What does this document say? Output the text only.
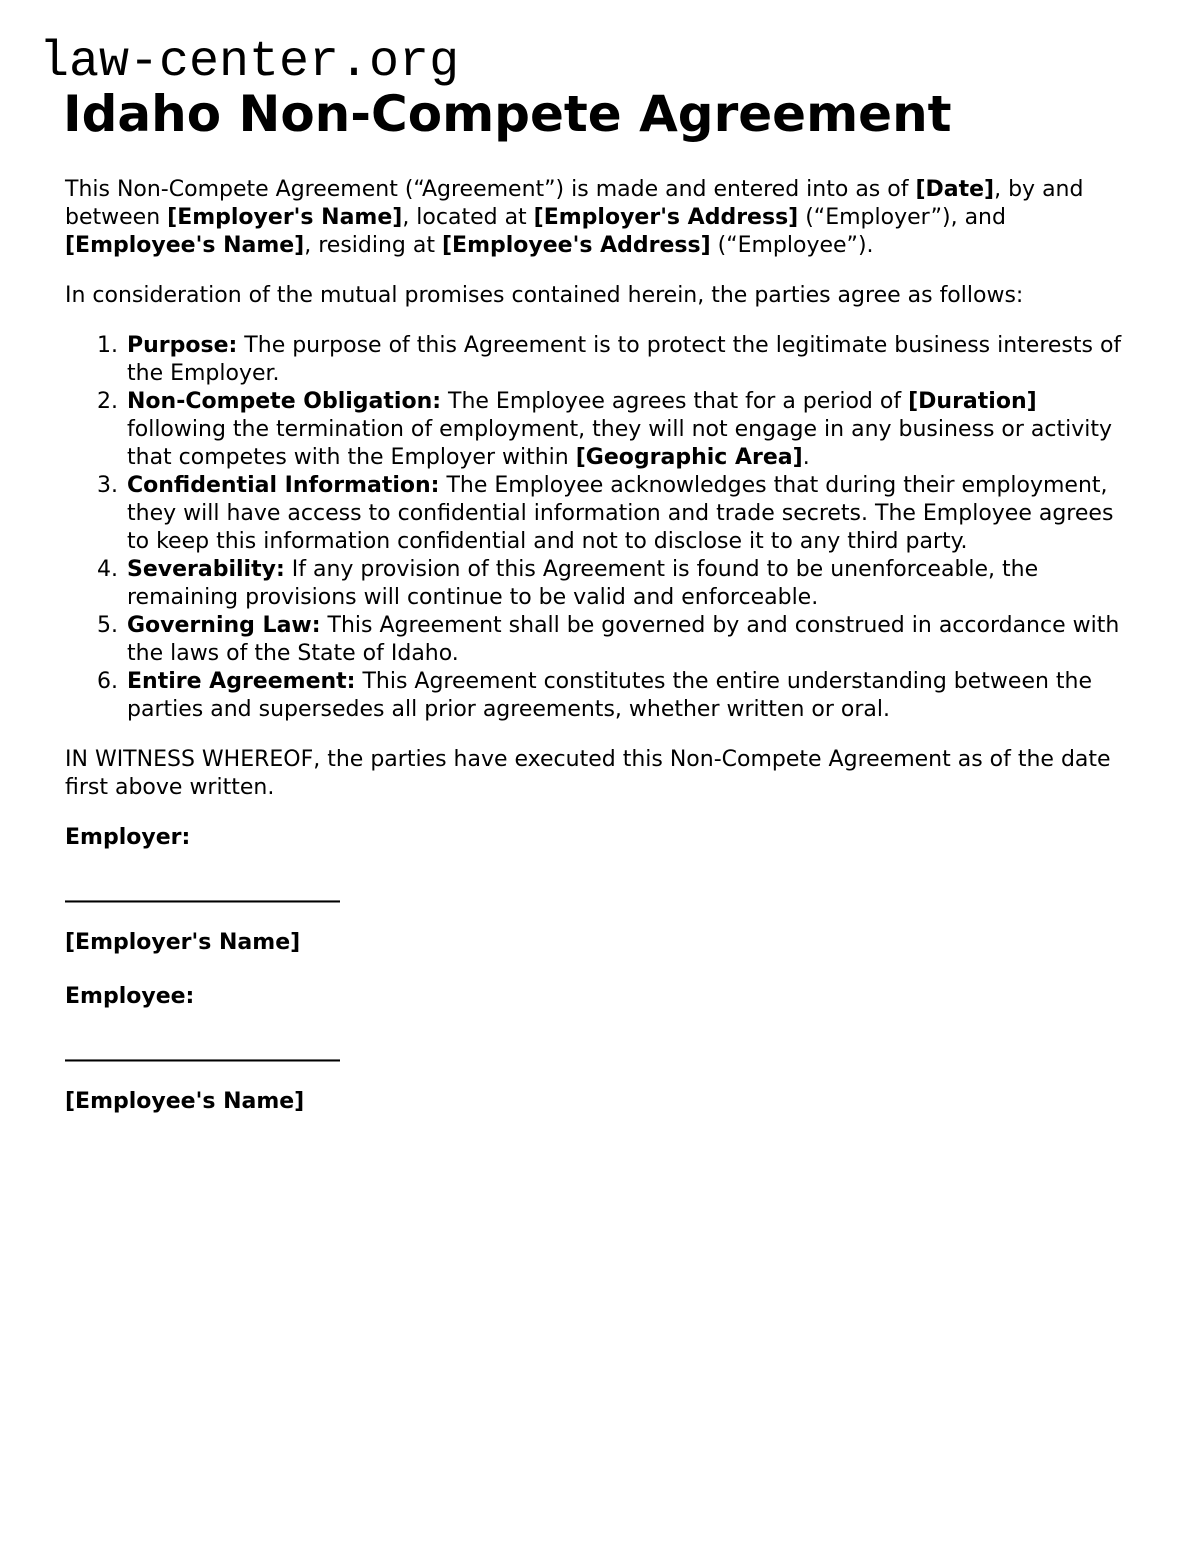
law-center.org
Idaho Non-Compete Agreement

This Non-Compete Agreement (“Agreement”) is made and entered into as of [Date], by and between [Employer's Name], located at [Employer's Address] (“Employer”), and [Employee's Name], residing at [Employee's Address] (“Employee”).

In consideration of the mutual promises contained herein, the parties agree as follows:

1. Purpose: The purpose of this Agreement is to protect the legitimate business interests of the Employer.
2. Non-Compete Obligation: The Employee agrees that for a period of [Duration] following the termination of employment, they will not engage in any business or activity that competes with the Employer within [Geographic Area].
3. Confidential Information: The Employee acknowledges that during their employment, they will have access to confidential information and trade secrets. The Employee agrees to keep this information confidential and not to disclose it to any third party.
4. Severability: If any provision of this Agreement is found to be unenforceable, the remaining provisions will continue to be valid and enforceable.
5. Governing Law: This Agreement shall be governed by and construed in accordance with the laws of the State of Idaho.
6. Entire Agreement: This Agreement constitutes the entire understanding between the parties and supersedes all prior agreements, whether written or oral.

IN WITNESS WHEREOF, the parties have executed this Non-Compete Agreement as of the date first above written.

Employer:

_________________________

[Employer's Name]

Employee:

_________________________

[Employee's Name]
